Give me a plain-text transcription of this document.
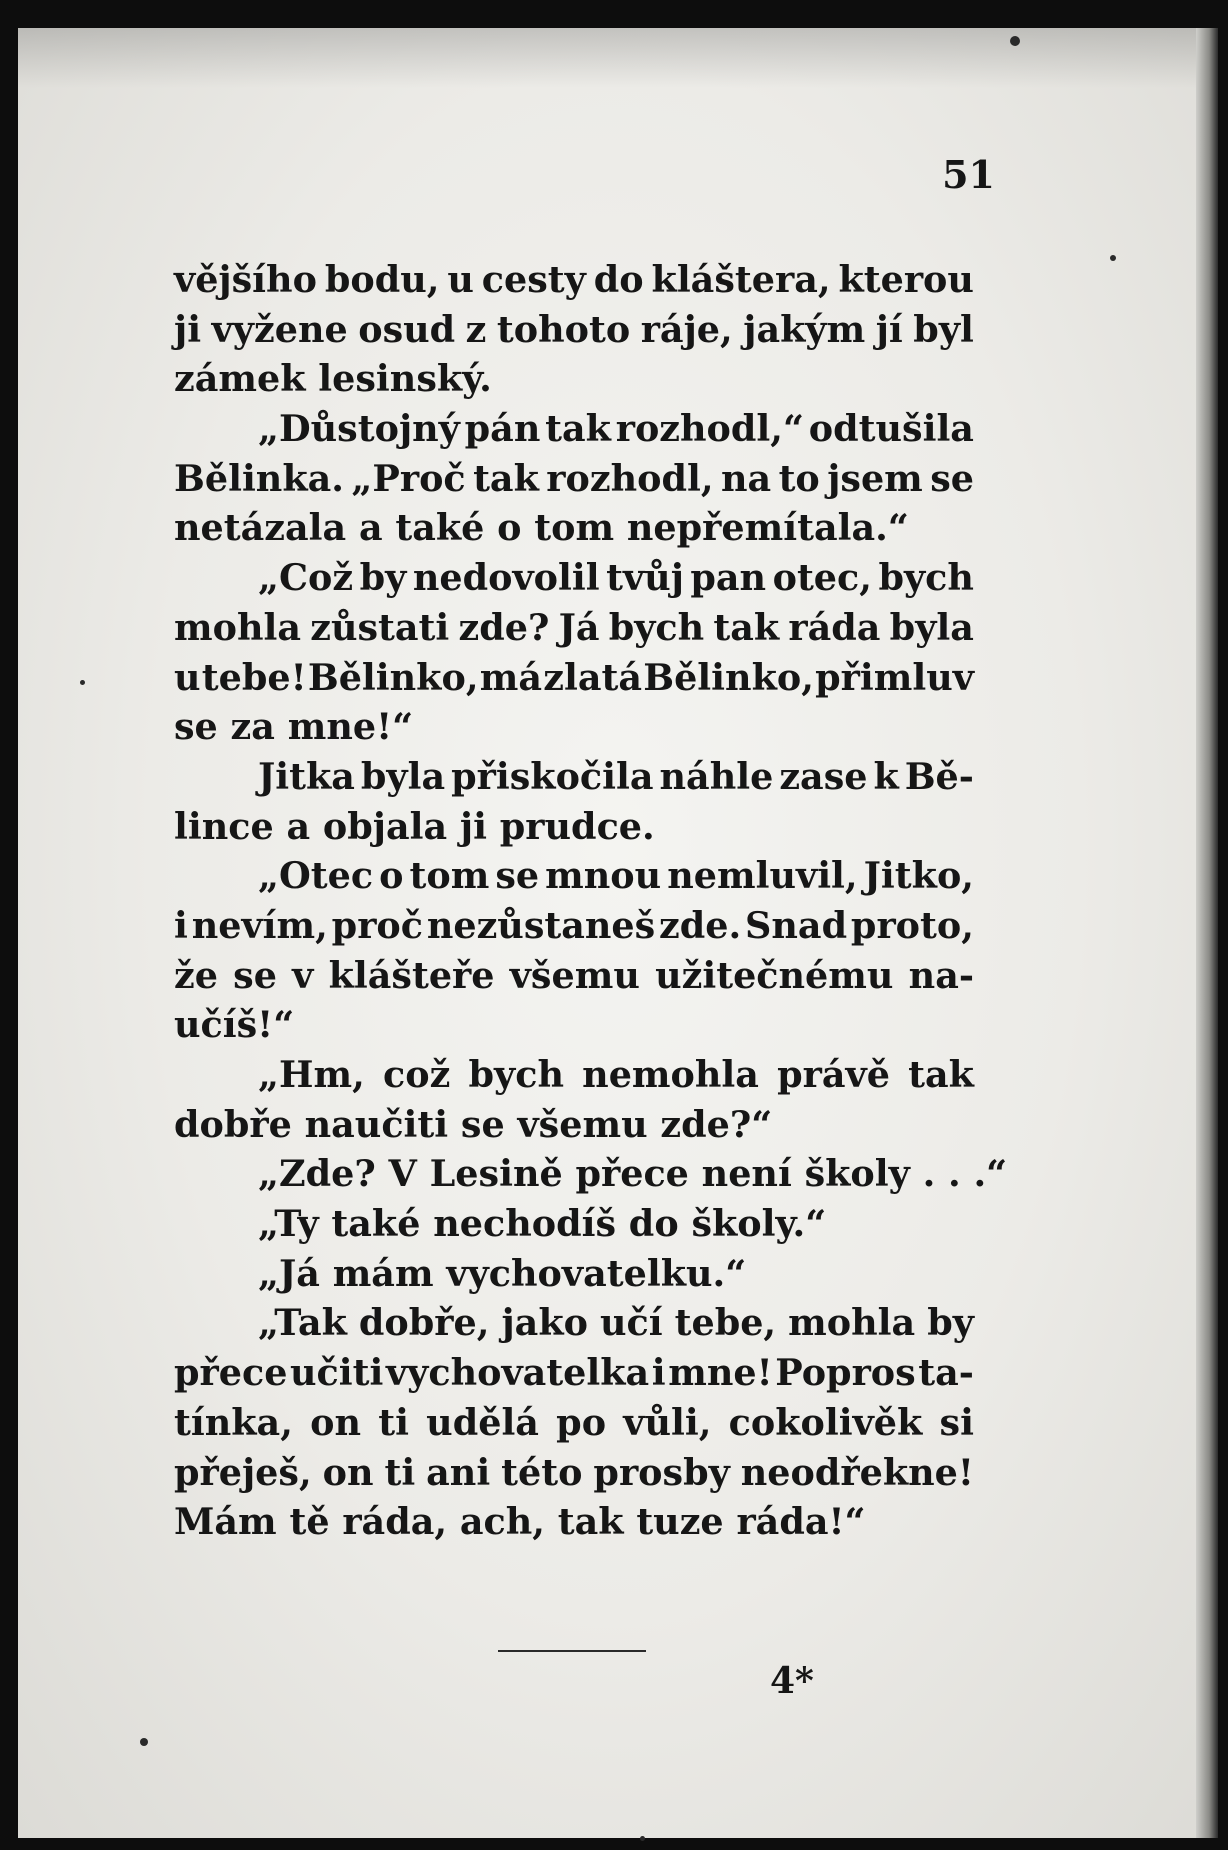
51
vějšího bodu, u cesty do kláštera, kterou
ji vyžene osud z tohoto ráje, jakým jí byl
zámek lesinský.
„Důstojný pán tak rozhodl,“ odtušila
Bělinka. „Proč tak rozhodl, na to jsem se
netázala a také o tom nepřemítala.“
„Což by nedovolil tvůj pan otec, bych
mohla zůstati zde? Já bych tak ráda byla
u tebe! Bělinko, má zlatá Bělinko, přimluv
se za mne!“
Jitka byla přiskočila náhle zase k Bě-
lince a objala ji prudce.
„Otec o tom se mnou nemluvil, Jitko,
i nevím, proč nezůstaneš zde. Snad proto,
že se v klášteře všemu užitečnému na-
učíš!“
„Hm, což bych nemohla právě tak
dobře naučiti se všemu zde?“
„Zde? V Lesině přece není školy . . .“
„Ty také nechodíš do školy.“
„Já mám vychovatelku.“
„Tak dobře, jako učí tebe, mohla by
přece učiti vychovatelka i mne! Popros ta-
tínka, on ti udělá po vůli, cokolivěk si
přeješ, on ti ani této prosby neodřekne!
Mám tě ráda, ach, tak tuze ráda!“
4*
